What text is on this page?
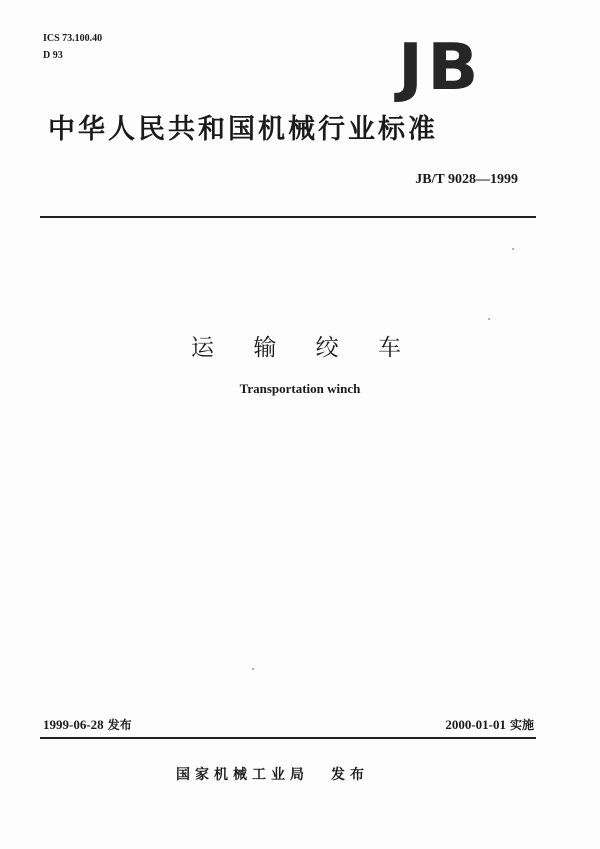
ICS 73.100.40
D 93	JB
中华人民共和国机械行业标准
JB/T 9028—1999
运 输 绞 车
Transportation winch
1999-06-28 发布	2000-01-01 实施
国家机械工业局 发布
